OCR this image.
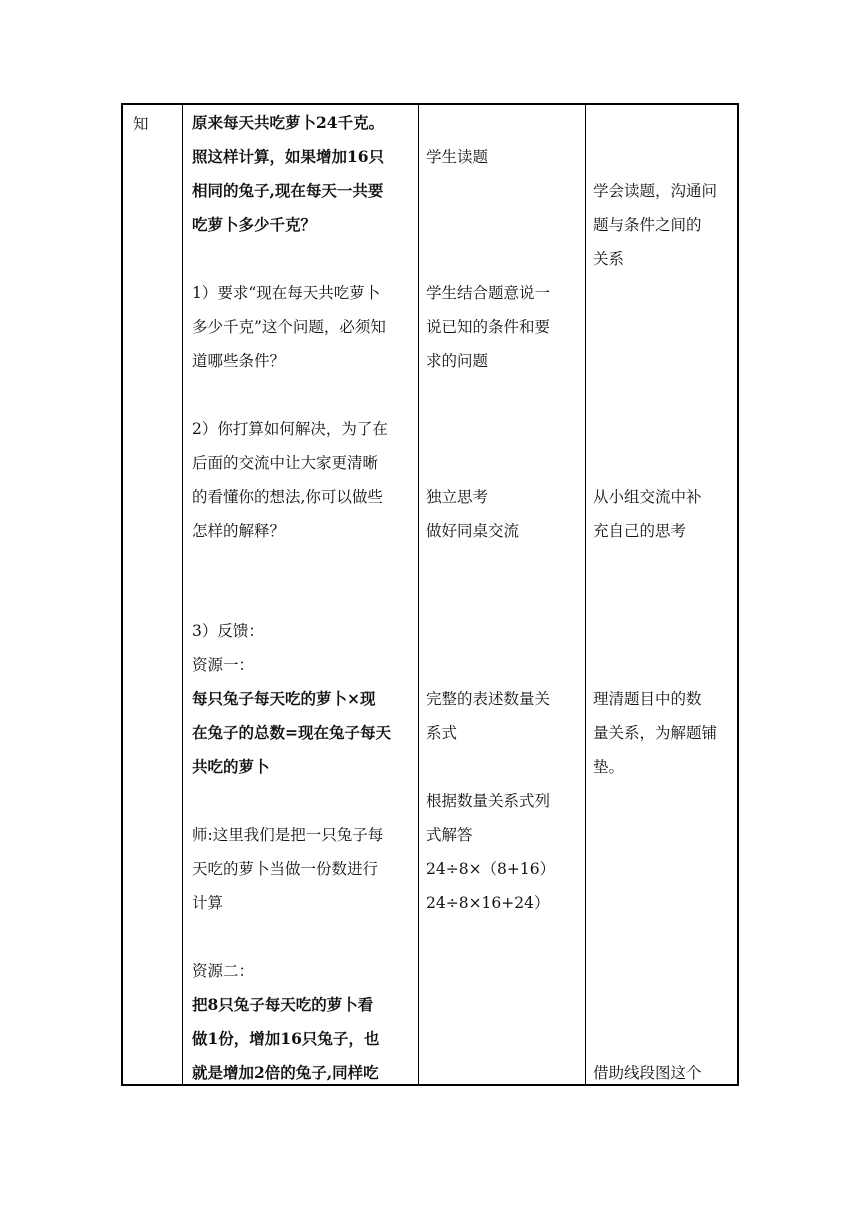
知	原来每天共吃萝卜24千克。
照这样计算，如果增加16只
相同的兔子,现在每天一共要
吃萝卜多少千克？
1）要求“现在每天共吃萝卜
多少千克”这个问题，必须知
道哪些条件？
2）你打算如何解决，为了在
后面的交流中让大家更清晰
的看懂你的想法,你可以做些
怎样的解释？
3）反馈：
资源一：
每只兔子每天吃的萝卜×现
在兔子的总数=现在兔子每天
共吃的萝卜
师:这里我们是把一只兔子每
天吃的萝卜当做一份数进行
计算
资源二：
把8只兔子每天吃的萝卜看
做1份，增加16只兔子，也
就是增加2倍的兔子,同样吃
学生读题
学生结合题意说一
说已知的条件和要
求的问题
独立思考
做好同桌交流
完整的表述数量关
系式
根据数量关系式列
式解答
24÷8×（8+16）
24÷8×16+24）
学会读题，沟通问
题与条件之间的
关系
从小组交流中补
充自己的思考
理清题目中的数
量关系，为解题铺
垫。
借助线段图这个
